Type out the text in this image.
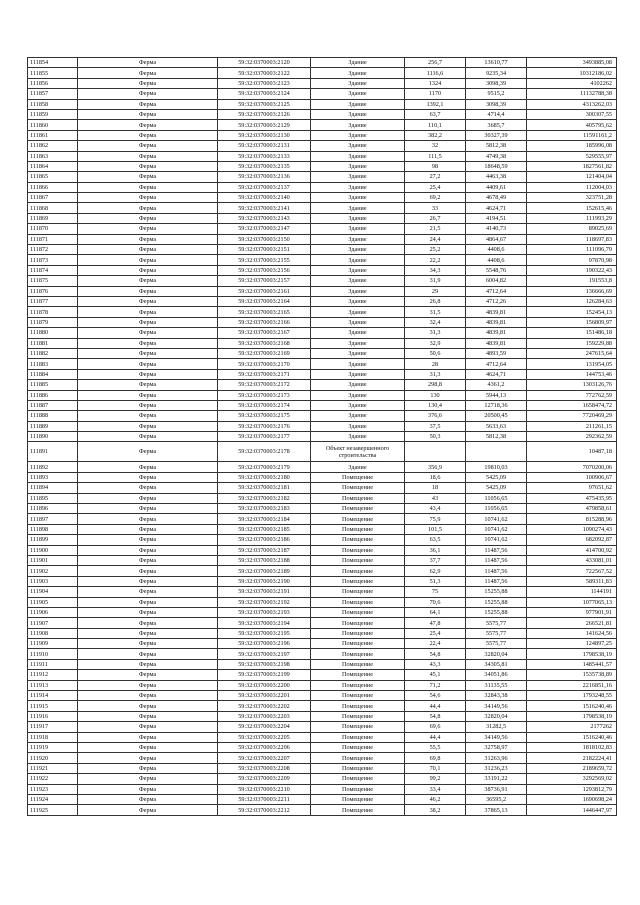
111854	Ферма	59:32:0370003:2120	Здание	256,7	13610,77	3493885,08
111855	Ферма	59:32:0370003:2122	Здание	1116,6	9235,34	10312186,02
111856	Ферма	59:32:0370003:2123	Здание	1324	3098,39	4102262
111857	Ферма	59:32:0370003:2124	Здание	1170	9515,2	11132788,38
111858	Ферма	59:32:0370003:2125	Здание	1392,1	3098,39	4313262,03
111859	Ферма	59:32:0370003:2126	Здание	63,7	4714,4	300307,55
111860	Ферма	59:32:0370003:2129	Здание	110,1	3685,7	405795,62
111861	Ферма	59:32:0370003:2130	Здание	382,2	30327,39	11591161,2
111862	Ферма	59:32:0370003:2131	Здание	32	5812,38	185996,08
111863	Ферма	59:32:0370003:2133	Здание	111,5	4749,38	529555,97
111864	Ферма	59:32:0370003:2135	Здание	98	18648,59	1827561,82
111865	Ферма	59:32:0370003:2136	Здание	27,2	4463,38	121404,04
111866	Ферма	59:32:0370003:2137	Здание	25,4	4409,61	112004,03
111867	Ферма	59:32:0370003:2140	Здание	69,2	4678,49	323751,28
111868	Ферма	59:32:0370003:2141	Здание	33	4624,71	152615,46
111869	Ферма	59:32:0370003:2143	Здание	26,7	4194,51	111993,29
111870	Ферма	59:32:0370003:2147	Здание	21,5	4140,73	89025,69
111871	Ферма	59:32:0370003:2150	Здание	24,4	4864,67	118697,83
111872	Ферма	59:32:0370003:2151	Здание	25,2	4408,6	111096,79
111873	Ферма	59:32:0370003:2155	Здание	22,2	4408,6	97870,98
111874	Ферма	59:32:0370003:2156	Здание	34,3	5548,76	190322,43
111875	Ферма	59:32:0370003:2157	Здание	31,9	6004,82	191553,8
111876	Ферма	59:32:0370003:2161	Здание	29	4712,64	136666,69
111877	Ферма	59:32:0370003:2164	Здание	26,8	4712,26	126284,63
111878	Ферма	59:32:0370003:2165	Здание	31,5	4839,81	152454,13
111879	Ферма	59:32:0370003:2166	Здание	32,4	4839,81	156809,97
111880	Ферма	59:32:0370003:2167	Здание	31,3	4839,81	151486,18
111881	Ферма	59:32:0370003:2168	Здание	32,9	4839,81	159229,88
111882	Ферма	59:32:0370003:2169	Здание	50,6	4893,59	247615,64
111883	Ферма	59:32:0370003:2170	Здание	28	4712,64	131954,05
111884	Ферма	59:32:0370003:2171	Здание	31,3	4624,71	144753,46
111885	Ферма	59:32:0370003:2172	Здание	298,8	4361,2	1303126,76
111886	Ферма	59:32:0370003:2173	Здание	130	5944,13	772762,59
111887	Ферма	59:32:0370003:2174	Здание	130,4	12718,36	1658474,72
111888	Ферма	59:32:0370003:2175	Здание	376,6	20500,45	7720469,29
111889	Ферма	59:32:0370003:2176	Здание	37,5	5633,63	211261,15
111890	Ферма	59:32:0370003:2177	Здание	50,3	5812,38	292362,59
111891	Ферма	59:32:0370003:2178	Объект незавершенного строительства			10487,18
111892	Ферма	59:32:0370003:2179	Здание	356,9	19810,03	7070200,06
111893	Ферма	59:32:0370003:2180	Помещение	18,6	5425,09	100906,67
111894	Ферма	59:32:0370003:2181	Помещение	18	5425,09	97651,62
111895	Ферма	59:32:0370003:2182	Помещение	43	11056,65	475435,95
111896	Ферма	59:32:0370003:2183	Помещение	43,4	11056,65	479858,61
111897	Ферма	59:32:0370003:2184	Помещение	75,9	10741,62	815288,96
111898	Ферма	59:32:0370003:2185	Помещение	101,5	10741,62	1090274,43
111899	Ферма	59:32:0370003:2186	Помещение	63,5	10741,62	682092,87
111900	Ферма	59:32:0370003:2187	Помещение	36,1	11487,56	414700,92
111901	Ферма	59:32:0370003:2188	Помещение	37,7	11487,56	433081,01
111902	Ферма	59:32:0370003:2189	Помещение	62,9	11487,56	722567,52
111903	Ферма	59:32:0370003:2190	Помещение	51,3	11487,56	589311,83
111904	Ферма	59:32:0370003:2191	Помещение	75	15255,88	1144191
111905	Ферма	59:32:0370003:2192	Помещение	70,6	15255,88	1077065,13
111906	Ферма	59:32:0370003:2193	Помещение	64,1	15255,88	977901,91
111907	Ферма	59:32:0370003:2194	Помещение	47,8	5575,77	266521,81
111908	Ферма	59:32:0370003:2195	Помещение	25,4	5575,77	141624,56
111909	Ферма	59:32:0370003:2196	Помещение	22,4	5575,77	124897,25
111910	Ферма	59:32:0370003:2197	Помещение	54,8	32820,04	1798538,19
111911	Ферма	59:32:0370003:2198	Помещение	43,3	34305,81	1485441,57
111912	Ферма	59:32:0370003:2199	Помещение	45,1	34051,86	1535738,89
111913	Ферма	59:32:0370003:2200	Помещение	71,2	31135,55	2216851,16
111914	Ферма	59:32:0370003:2201	Помещение	54,6	32843,38	1793248,55
111915	Ферма	59:32:0370003:2202	Помещение	44,4	34149,56	1516240,46
111916	Ферма	59:32:0370003:2203	Помещение	54,8	32820,04	1798538,19
111917	Ферма	59:32:0370003:2204	Помещение	69,6	31282,5	2177262
111918	Ферма	59:32:0370003:2205	Помещение	44,4	34149,56	1516240,46
111919	Ферма	59:32:0370003:2206	Помещение	55,5	32758,97	1818102,83
111920	Ферма	59:32:0370003:2207	Помещение	69,8	31263,96	2182224,41
111921	Ферма	59:32:0370003:2208	Помещение	70,1	31236,23	2189659,72
111922	Ферма	59:32:0370003:2209	Помещение	99,2	33191,22	3292569,02
111923	Ферма	59:32:0370003:2210	Помещение	33,4	38736,91	1293812,79
111924	Ферма	59:32:0370003:2211	Помещение	46,2	36595,2	1690698,24
111925	Ферма	59:32:0370003:2212	Помещение	38,2	37865,13	1446447,97
